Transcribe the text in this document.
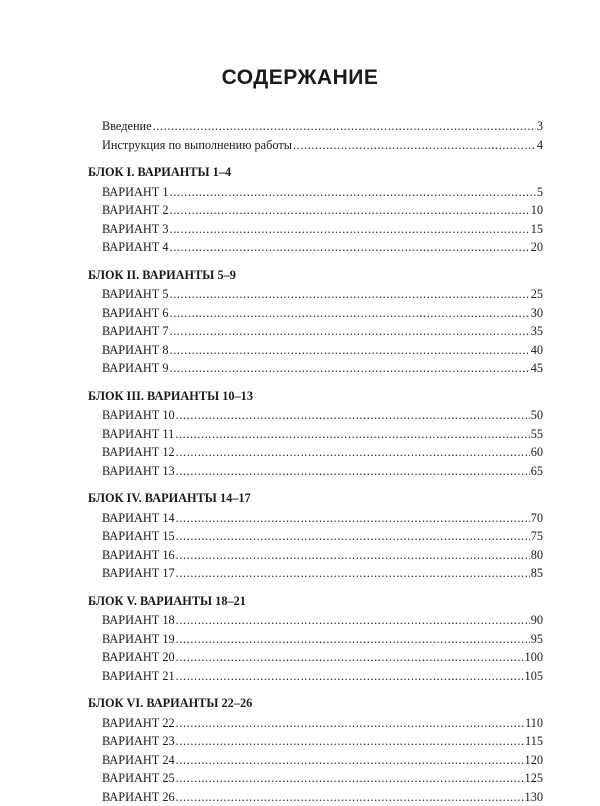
СОДЕРЖАНИЕ
Введение .....	3
Инструкция по выполнению работы .....	4
БЛОК I. ВАРИАНТЫ 1–4
ВАРИАНТ 1 .....	5
ВАРИАНТ 2 .....	10
ВАРИАНТ 3 .....	15
ВАРИАНТ 4 .....	20
БЛОК II. ВАРИАНТЫ 5–9
ВАРИАНТ 5 .....	25
ВАРИАНТ 6 .....	30
ВАРИАНТ 7 .....	35
ВАРИАНТ 8 .....	40
ВАРИАНТ 9 .....	45
БЛОК III. ВАРИАНТЫ 10–13
ВАРИАНТ 10 .....	50
ВАРИАНТ 11 .....	55
ВАРИАНТ 12 .....	60
ВАРИАНТ 13 .....	65
БЛОК IV. ВАРИАНТЫ 14–17
ВАРИАНТ 14 .....	70
ВАРИАНТ 15 .....	75
ВАРИАНТ 16 .....	80
ВАРИАНТ 17 .....	85
БЛОК V. ВАРИАНТЫ 18–21
ВАРИАНТ 18 .....	90
ВАРИАНТ 19 .....	95
ВАРИАНТ 20 .....	100
ВАРИАНТ 21 .....	105
БЛОК VI. ВАРИАНТЫ 22–26
ВАРИАНТ 22 .....	110
ВАРИАНТ 23 .....	115
ВАРИАНТ 24 .....	120
ВАРИАНТ 25 .....	125
ВАРИАНТ 26 .....	130
